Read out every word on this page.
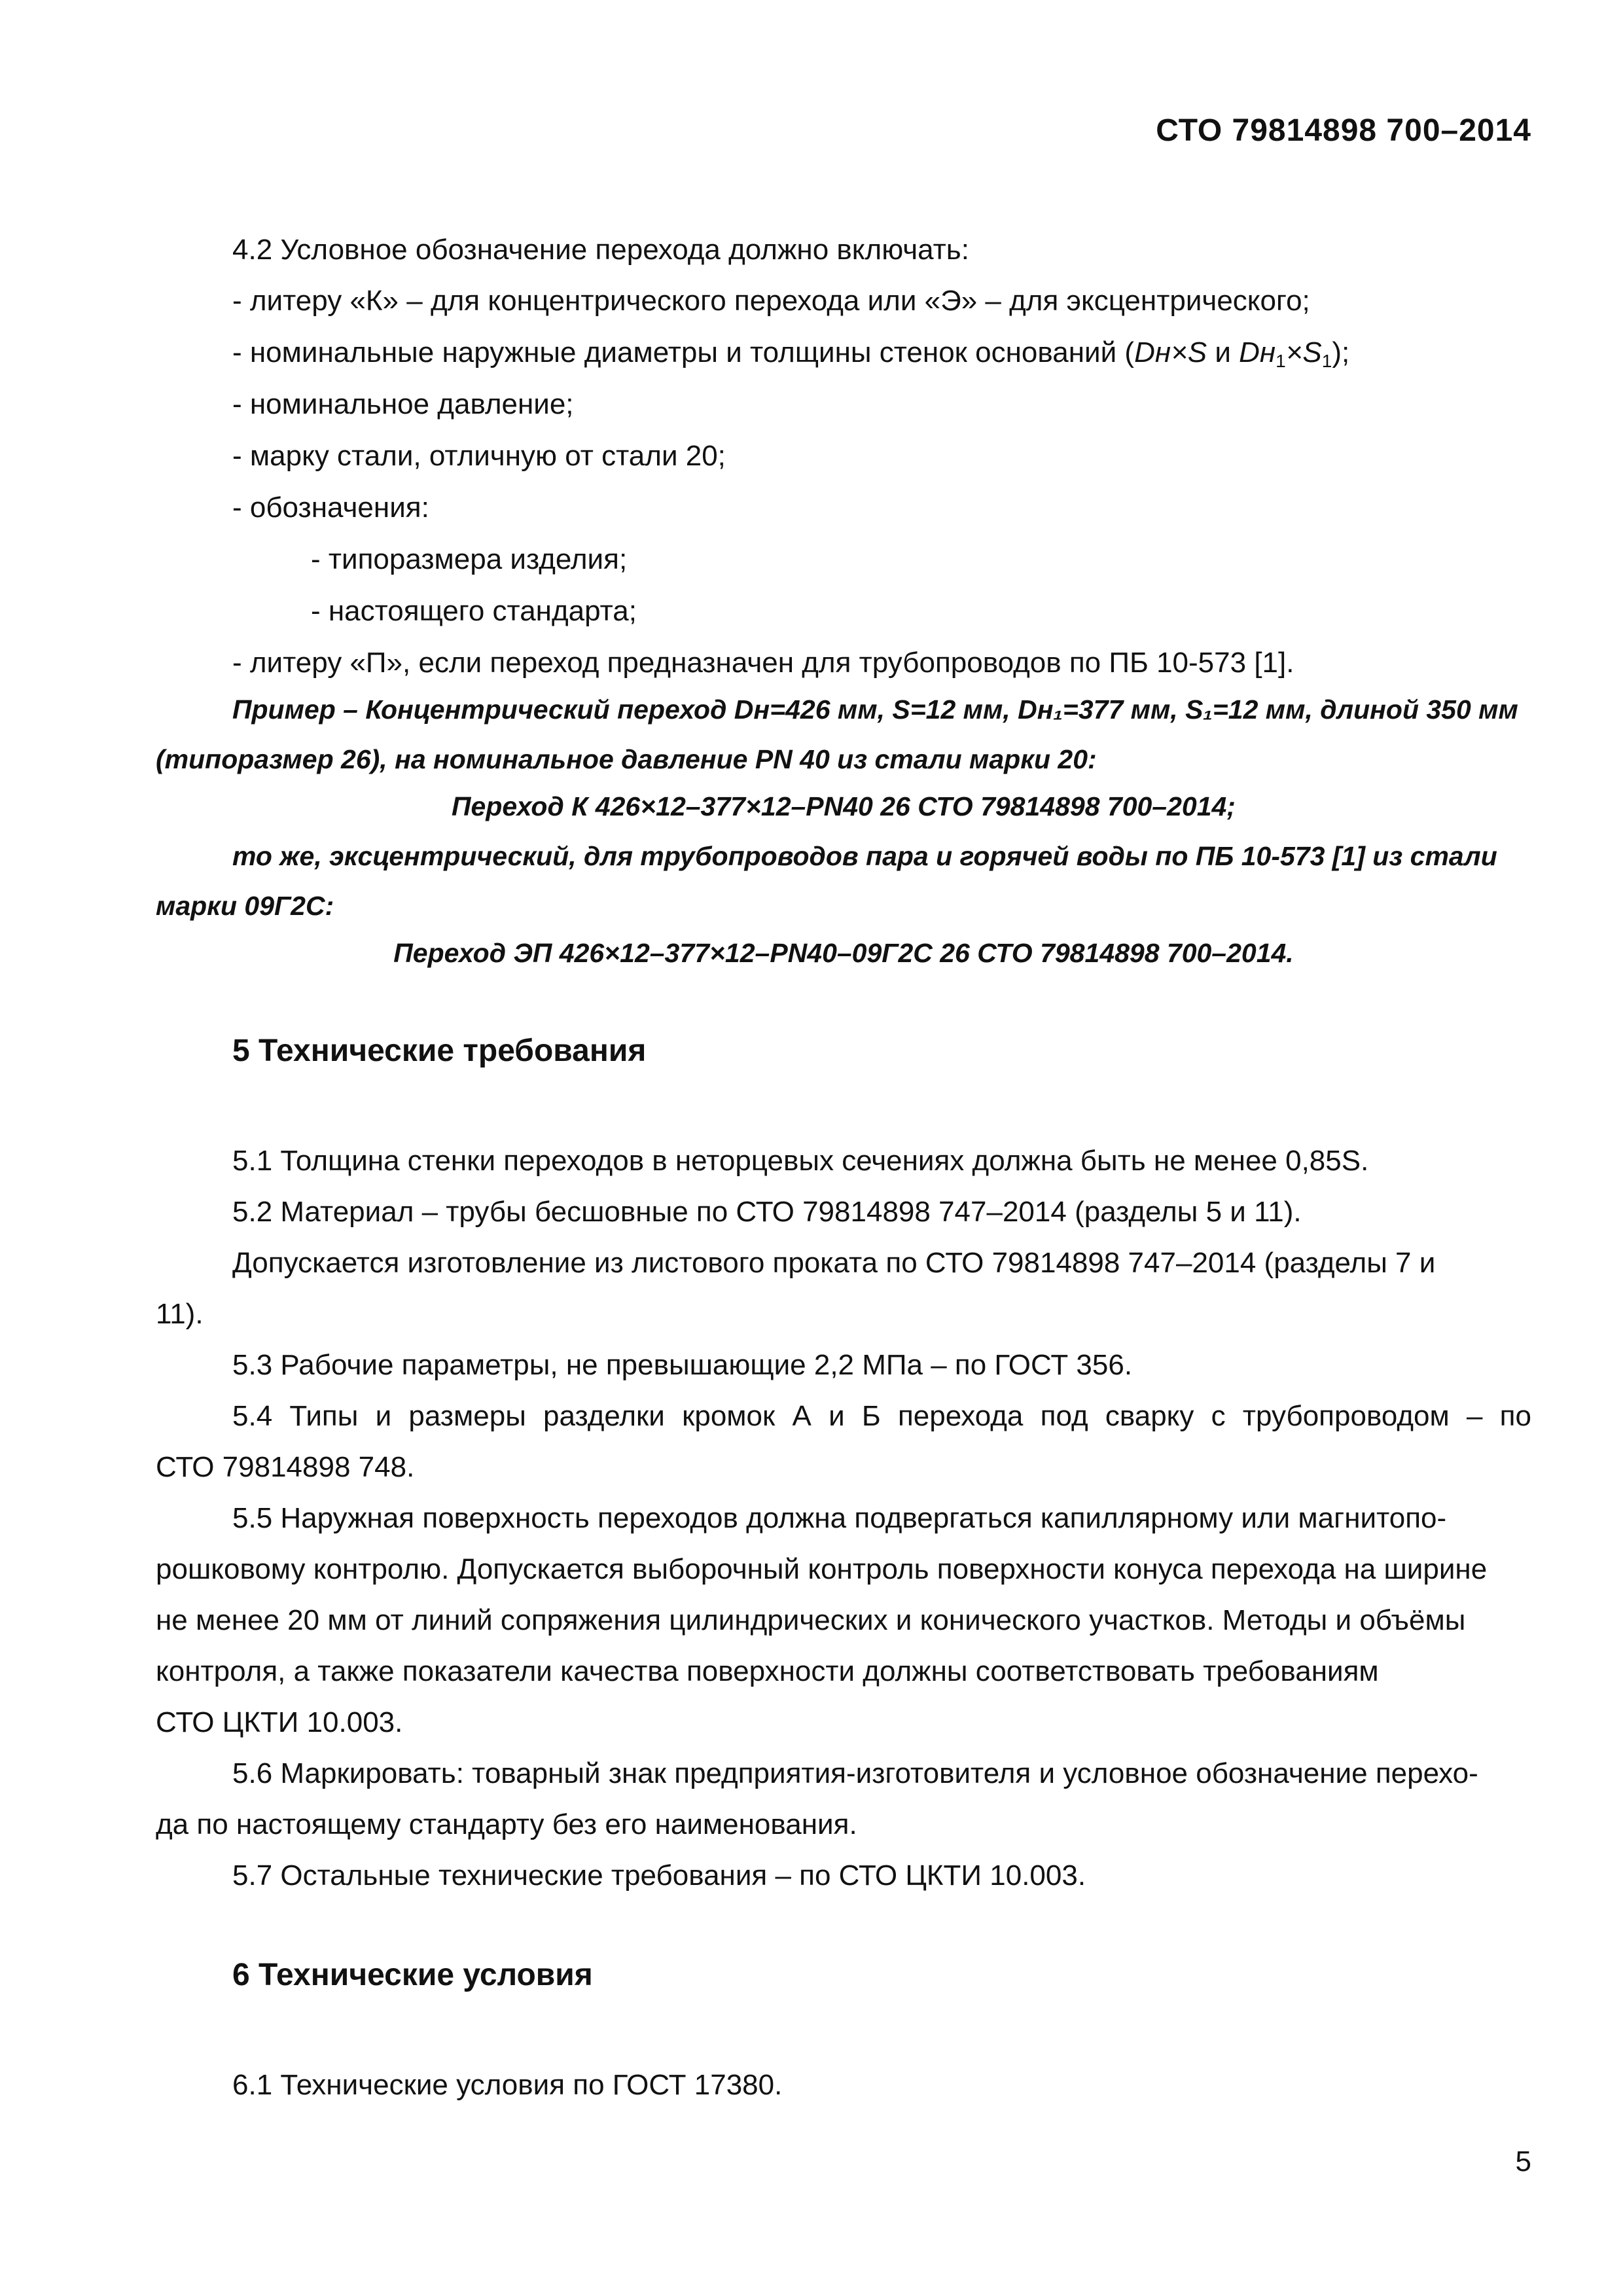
СТО 79814898 700–2014
4.2 Условное обозначение перехода должно включать:
- литеру «К» – для концентрического перехода или «Э» – для эксцентрического;
- номинальные наружные диаметры и толщины стенок оснований (Dн×S и $Dн_1\times S_1$);
- номинальное давление;
- марку стали, отличную от стали 20;
- обозначения:
- типоразмера изделия;
- настоящего стандарта;
- литеру «П», если переход предназначен для трубопроводов по ПБ 10-573 [1].
Пример – Концентрический переход Dн=426 мм, S=12 мм, Dн₁=377 мм, S₁=12 мм, длиной 350 мм
(типоразмер 26), на номинальное давление PN 40 из стали марки 20:
Переход К 426×12–377×12–PN40 26 СТО 79814898 700–2014;
то же, эксцентрический, для трубопроводов пара и горячей воды по ПБ 10-573 [1] из стали
марки 09Г2С:
Переход ЭП 426×12–377×12–PN40–09Г2С 26 СТО 79814898 700–2014.
5 Технические требования
5.1 Толщина стенки переходов в неторцевых сечениях должна быть не менее 0,85S.
5.2 Материал – трубы бесшовные по СТО 79814898 747–2014 (разделы 5 и 11).
Допускается изготовление из листового проката по СТО 79814898 747–2014 (разделы 7 и
11).
5.3 Рабочие параметры, не превышающие 2,2 МПа – по ГОСТ 356.
5.4 Типы и размеры разделки кромок А и Б перехода под сварку с трубопроводом – по
СТО 79814898 748.
5.5 Наружная поверхность переходов должна подвергаться капиллярному или магнитопо-
рошковому контролю. Допускается выборочный контроль поверхности конуса перехода на ширине
не менее 20 мм от линий сопряжения цилиндрических и конического участков. Методы и объёмы
контроля, а также показатели качества поверхности должны соответствовать требованиям
СТО ЦКТИ 10.003.
5.6 Маркировать: товарный знак предприятия-изготовителя и условное обозначение перехо-
да по настоящему стандарту без его наименования.
5.7 Остальные технические требования – по СТО ЦКТИ 10.003.
6 Технические условия
6.1 Технические условия по ГОСТ 17380.
5
